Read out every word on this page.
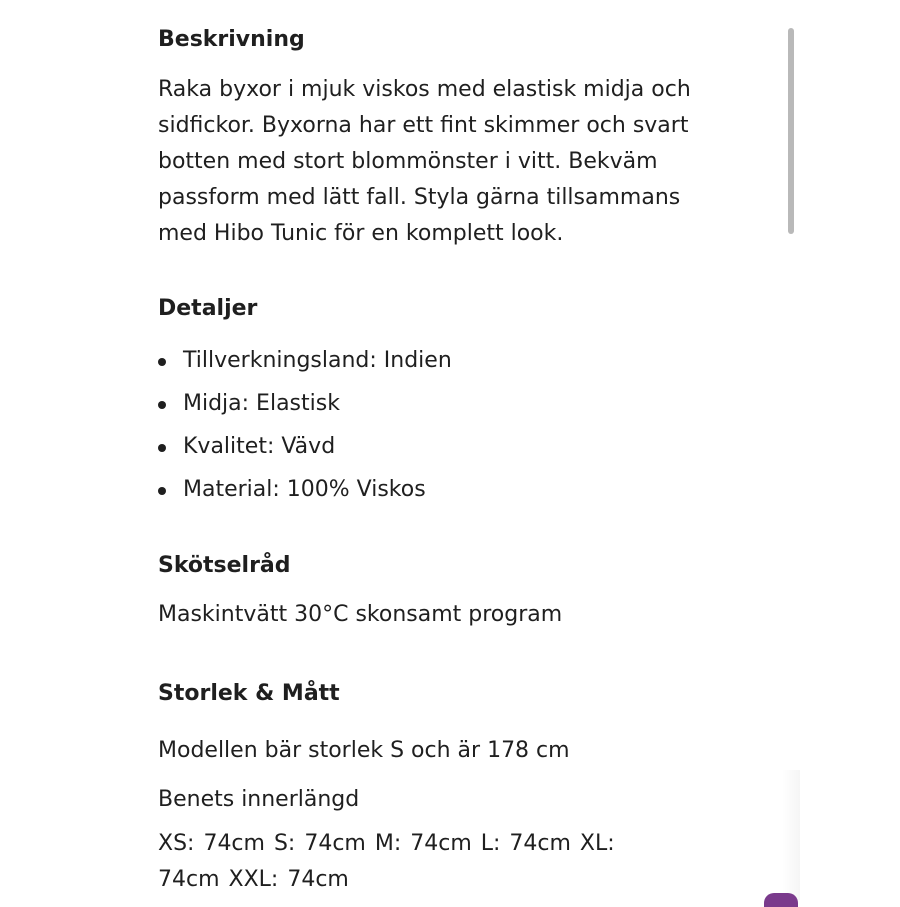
Beskrivning

Raka byxor i mjuk viskos med elastisk midja och sidfickor. Byxorna har ett fint skimmer och svart botten med stort blommönster i vitt. Bekväm passform med lätt fall. Styla gärna tillsammans med Hibo Tunic för en komplett look.

Detaljer
Tillverkningsland: Indien
Midja: Elastisk
Kvalitet: Vävd
Material: 100% Viskos
Skötselråd

Maskintvätt 30°C skonsamt program

Storlek & Mått

Modellen bär storlek S och är 178 cm

Benets innerlängd

XS: 74cm S: 74cm M: 74cm L: 74cm XL: 74cm XXL: 74cm
